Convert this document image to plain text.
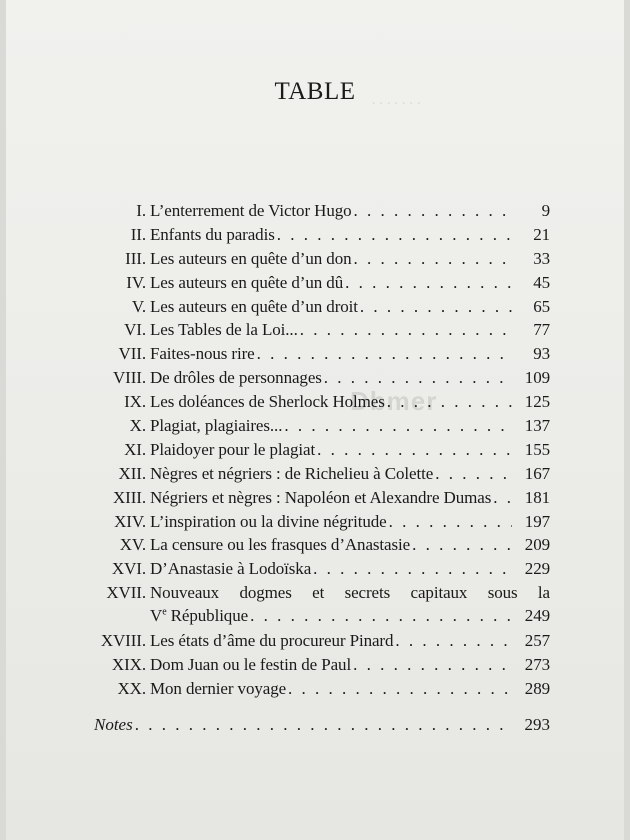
· · · · · · ·
TABLE
I. L’enterrement de Victor Hugo . . .	9
II. Enfants du paradis . . .	21
III. Les auteurs en quête d’un don . . .	33
IV. Les auteurs en quête d’un dû . . .	45
V. Les auteurs en quête d’un droit . . .	65
VI. Les Tables de la Loi... . . .	77
VII. Faites-nous rire . . .	93
VIII. De drôles de personnages . . .	109
IX. Les doléances de Sherlock Holmes . . .	125
X. Plagiat, plagiaires... . . .	137
XI. Plaidoyer pour le plagiat . . .	155
XII. Nègres et négriers : de Richelieu à Colette . . .	167
XIII. Négriers et nègres : Napoléon et Alexandre Dumas . . .	181
XIV. L’inspiration ou la divine négritude . . .	197
XV. La censure ou les frasques d’Anastasie . . .	209
XVI. D’Anastasie à Lodoïska . . .	229
XVII. Nouveaux dogmes et secrets capitaux sous la
Ve République . . .	249
XVIII. Les états d’âme du procureur Pinard . . .	257
XIX. Dom Juan ou le festin de Paul . . .	273
XX. Mon dernier voyage . . .	289
Notes . . .	293
Dbmer
